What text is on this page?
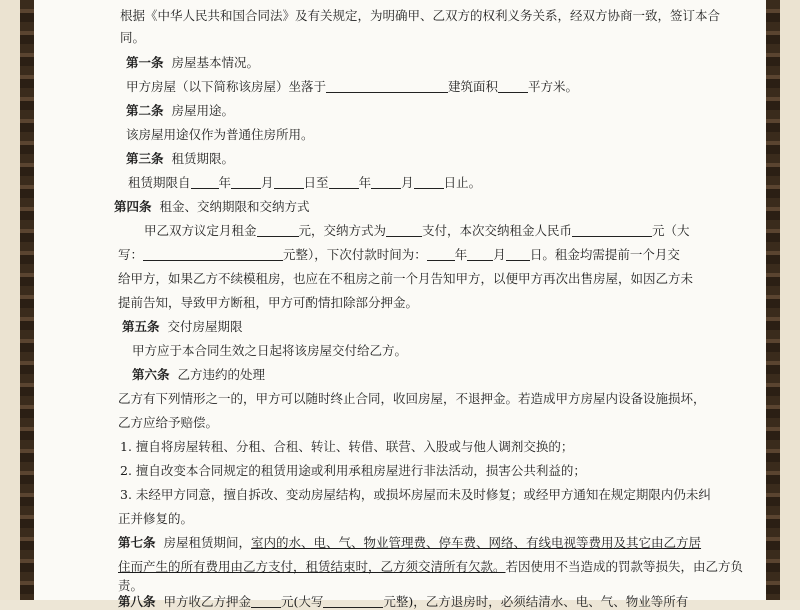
根据《中华人民共和国合同法》及有关规定，为明确甲、乙双方的权利义务关系，经双方协商一致，签订本合
同。
第一条 房屋基本情况。
甲方房屋（以下简称该房屋）坐落于	建筑面积 平方米。
第二条 房屋用途。
该房屋用途仅作为普通住房所用。
第三条 租赁期限。
租赁期限自 年 月 日至 年 月 日止。
第四条 租金、交纳期限和交纳方式
甲乙双方议定月租金	元，交纳方式为	支付，本次交纳租金人民币	元（大
写：	元整），下次付款时间为： 年 月 日。租金均需提前一个月交
给甲方，如果乙方不续模租房，也应在不租房之前一个月告知甲方，以便甲方再次出售房屋，如因乙方未
提前告知，导致甲方断租，甲方可酌情扣除部分押金。
第五条 交付房屋期限
甲方应于本合同生效之日起将该房屋交付给乙方。
第六条 乙方违约的处理
乙方有下列情形之一的，甲方可以随时终止合同，收回房屋，不退押金。若造成甲方房屋内设备设施损坏，
乙方应给予赔偿。
1. 擅自将房屋转租、分租、合租、转让、转借、联营、入股或与他人调剂交换的；
2. 擅自改变本合同规定的租赁用途或利用承租房屋进行非法活动，损害公共利益的；
3. 未经甲方同意，擅自拆改、变动房屋结构，或损坏房屋而未及时修复；或经甲方通知在规定期限内仍未纠
正并修复的。
第七条 房屋租赁期间，室内的水、电、气、物业管理费、停车费、网络、有线电视等费用及其它由乙方居
住而产生的所有费用由乙方支付，租赁结束时，乙方须交清所有欠款。若因使用不当造成的罚款等损失，由乙方负
责。
第八条 甲方收乙方押金 元(大写	元整)，乙方退房时，必须结清水、电、气、物业等所有
